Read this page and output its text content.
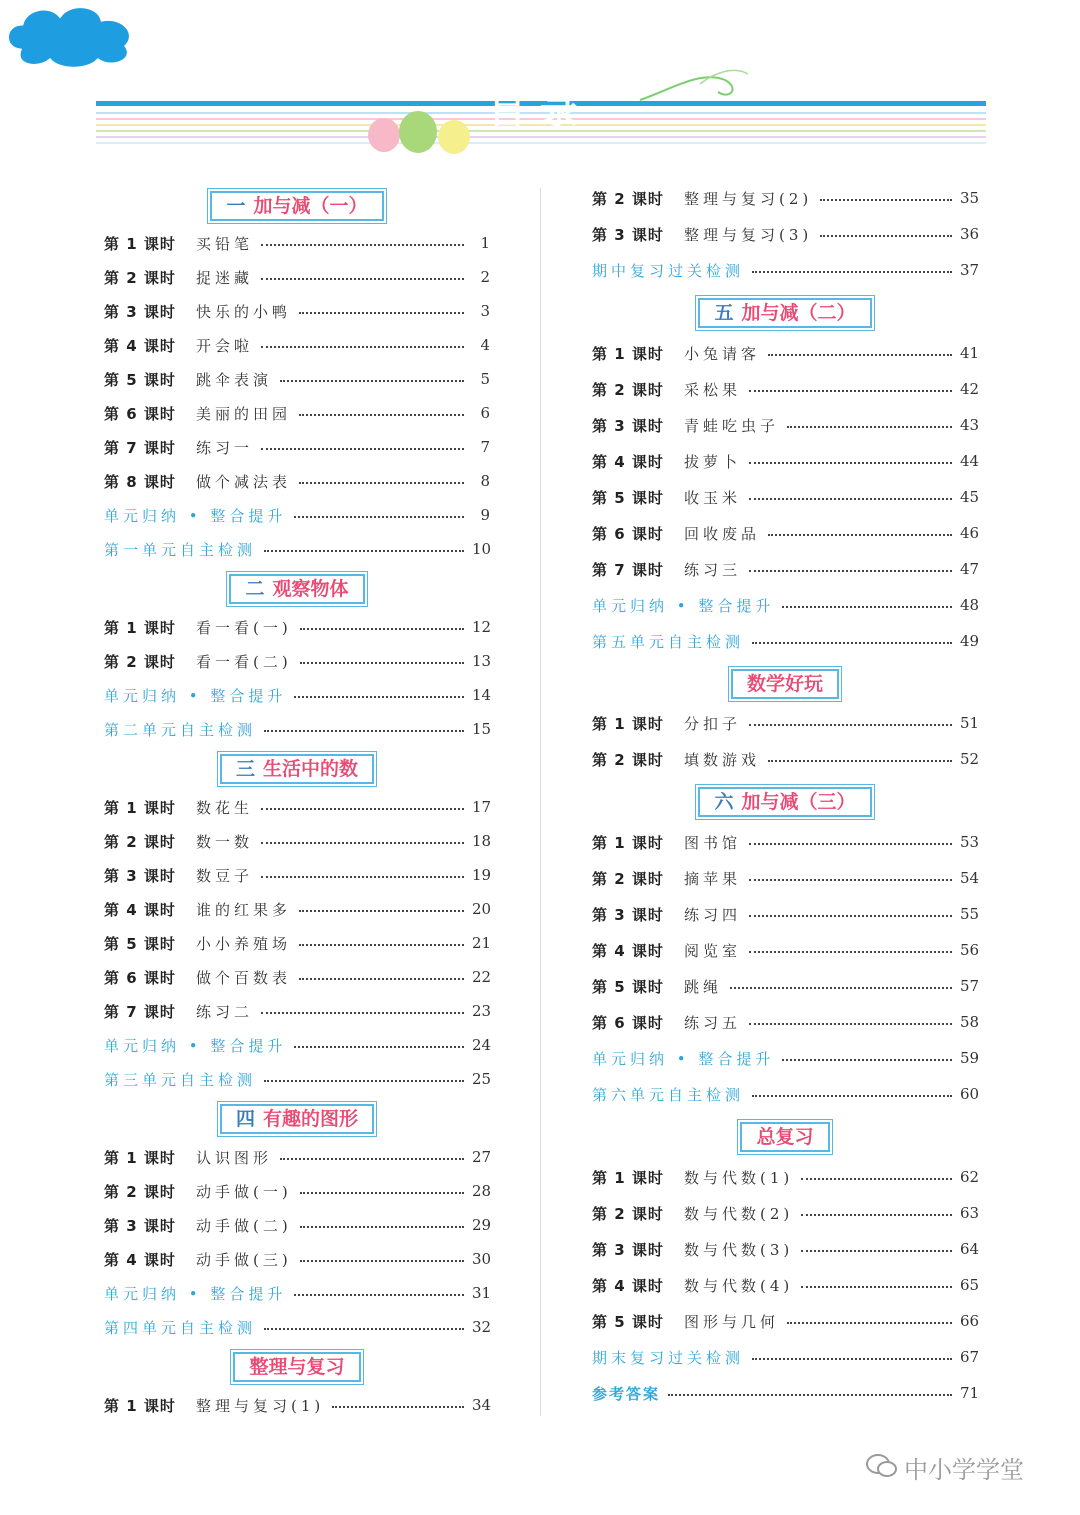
目录
一 加与减（一）
第 1 课时	买铅笔	1
第 2 课时	捉迷藏	2
第 3 课时	快乐的小鸭	3
第 4 课时	开会啦	4
第 5 课时	跳伞表演	5
第 6 课时	美丽的田园	6
第 7 课时	练习一	7
第 8 课时	做个减法表	8
单元归纳 • 整合提升	9
第一单元自主检测	10
二 观察物体
第 1 课时	看一看(一)	12
第 2 课时	看一看(二)	13
单元归纳 • 整合提升	14
第二单元自主检测	15
三 生活中的数
第 1 课时	数花生	17
第 2 课时	数一数	18
第 3 课时	数豆子	19
第 4 课时	谁的红果多	20
第 5 课时	小小养殖场	21
第 6 课时	做个百数表	22
第 7 课时	练习二	23
单元归纳 • 整合提升	24
第三单元自主检测	25
四 有趣的图形
第 1 课时	认识图形	27
第 2 课时	动手做(一)	28
第 3 课时	动手做(二)	29
第 4 课时	动手做(三)	30
单元归纳 • 整合提升	31
第四单元自主检测	32
整理与复习
第 1 课时	整理与复习(1)	34
第 2 课时	整理与复习(2)	35
第 3 课时	整理与复习(3)	36
期中复习过关检测	37
五 加与减（二）
第 1 课时	小兔请客	41
第 2 课时	采松果	42
第 3 课时	青蛙吃虫子	43
第 4 课时	拔萝卜	44
第 5 课时	收玉米	45
第 6 课时	回收废品	46
第 7 课时	练习三	47
单元归纳 • 整合提升	48
第五单元自主检测	49
数学好玩
第 1 课时	分扣子	51
第 2 课时	填数游戏	52
六 加与减（三）
第 1 课时	图书馆	53
第 2 课时	摘苹果	54
第 3 课时	练习四	55
第 4 课时	阅览室	56
第 5 课时	跳绳	57
第 6 课时	练习五	58
单元归纳 • 整合提升	59
第六单元自主检测	60
总复习
第 1 课时	数与代数(1)	62
第 2 课时	数与代数(2)	63
第 3 课时	数与代数(3)	64
第 4 课时	数与代数(4)	65
第 5 课时	图形与几何	66
期末复习过关检测	67
参考答案	71
中小学学堂
